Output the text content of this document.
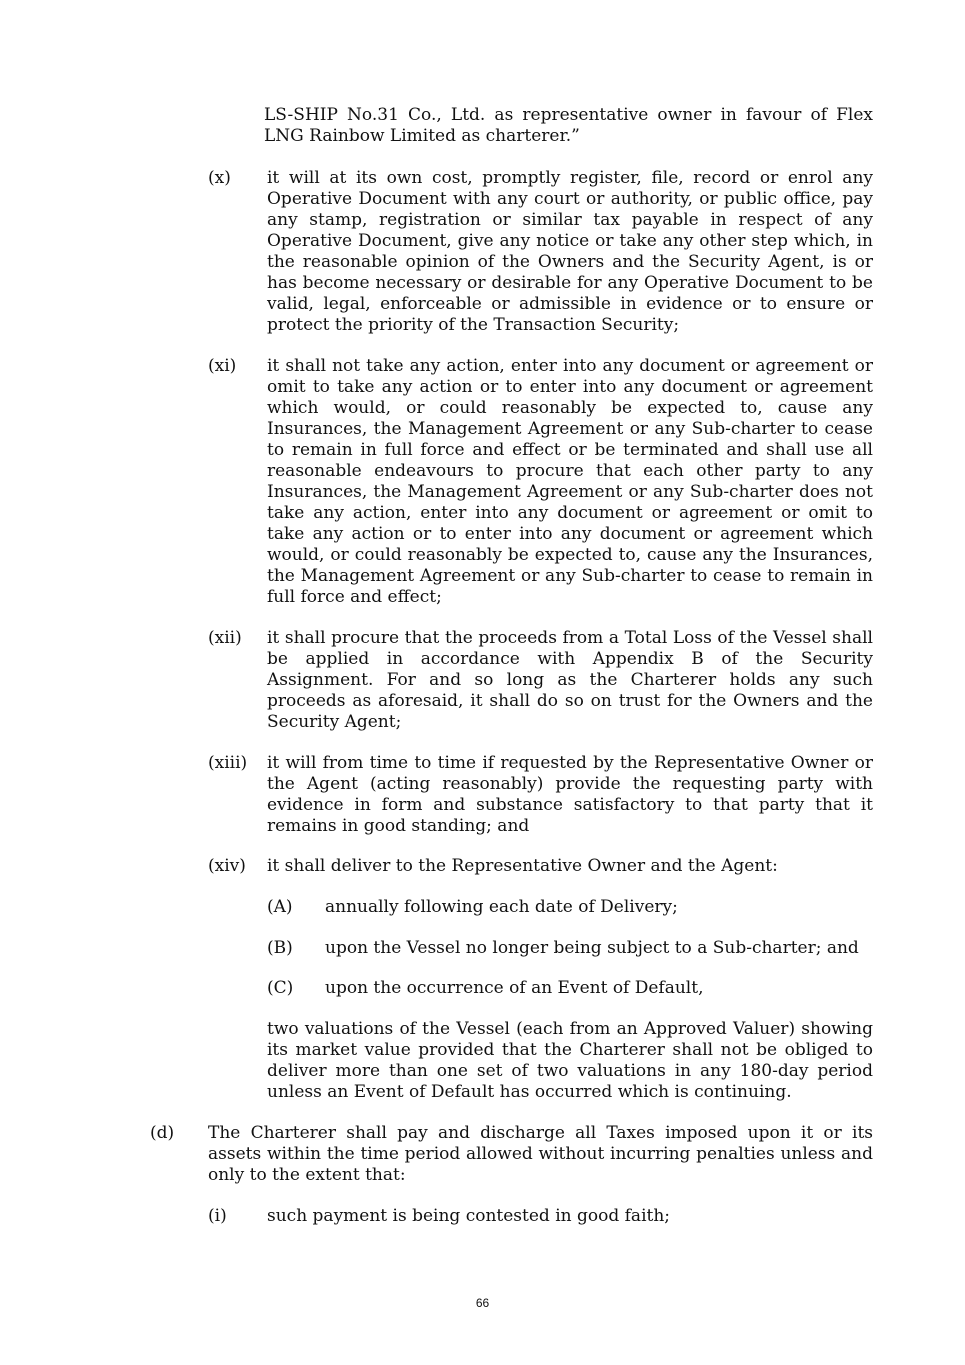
LS-SHIP No.31 Co., Ltd. as representative owner in favour of Flex LNG Rainbow Limited as charterer.”

(x) it will at its own cost, promptly register, file, record or enrol any Operative Document with any court or authority, or public office, pay any stamp, registration or similar tax payable in respect of any Operative Document, give any notice or take any other step which, in the reasonable opinion of the Owners and the Security Agent, is or has become necessary or desirable for any Operative Document to be valid, legal, enforceable or admissible in evidence or to ensure or protect the priority of the Transaction Security;

(xi) it shall not take any action, enter into any document or agreement or omit to take any action or to enter into any document or agreement which would, or could reasonably be expected to, cause any Insurances, the Management Agreement or any Sub-charter to cease to remain in full force and effect or be terminated and shall use all reasonable endeavours to procure that each other party to any Insurances, the Management Agreement or any Sub-charter does not take any action, enter into any document or agreement or omit to take any action or to enter into any document or agreement which would, or could reasonably be expected to, cause any the Insurances, the Management Agreement or any Sub-charter to cease to remain in full force and effect;

(xii) it shall procure that the proceeds from a Total Loss of the Vessel shall be applied in accordance with Appendix B of the Security Assignment. For and so long as the Charterer holds any such proceeds as aforesaid, it shall do so on trust for the Owners and the Security Agent;

(xiii) it will from time to time if requested by the Representative Owner or the Agent (acting reasonably) provide the requesting party with evidence in form and substance satisfactory to that party that it remains in good standing; and

(xiv) it shall deliver to the Representative Owner and the Agent:

(A) annually following each date of Delivery;

(B) upon the Vessel no longer being subject to a Sub-charter; and

(C) upon the occurrence of an Event of Default,

two valuations of the Vessel (each from an Approved Valuer) showing its market value provided that the Charterer shall not be obliged to deliver more than one set of two valuations in any 180-day period unless an Event of Default has occurred which is continuing.

(d) The Charterer shall pay and discharge all Taxes imposed upon it or its assets within the time period allowed without incurring penalties unless and only to the extent that:

(i) such payment is being contested in good faith;

66
